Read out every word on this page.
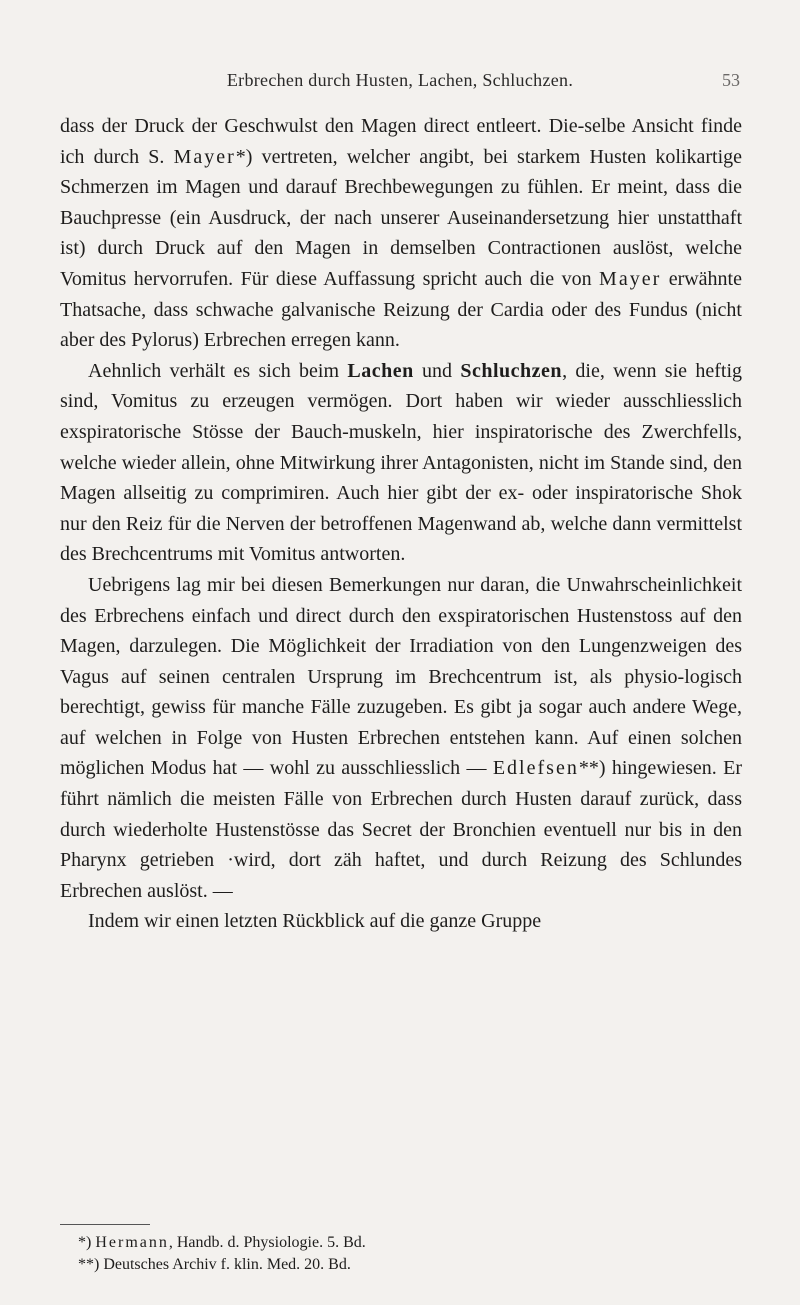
Erbrechen durch Husten, Lachen, Schluchzen.	53

dass der Druck der Geschwulst den Magen direct entleert. Die-selbe Ansicht finde ich durch S. Mayer*) vertreten, welcher angibt, bei starkem Husten kolikartige Schmerzen im Magen und darauf Brechbewegungen zu fühlen. Er meint, dass die Bauchpresse (ein Ausdruck, der nach unserer Auseinandersetzung hier unstatthaft ist) durch Druck auf den Magen in demselben Contractionen auslöst, welche Vomitus hervorrufen. Für diese Auffassung spricht auch die von Mayer erwähnte Thatsache, dass schwache galvanische Reizung der Cardia oder des Fundus (nicht aber des Pylorus) Erbrechen erregen kann.

Aehnlich verhält es sich beim Lachen und Schluchzen, die, wenn sie heftig sind, Vomitus zu erzeugen vermögen. Dort haben wir wieder ausschliesslich exspiratorische Stösse der Bauch-muskeln, hier inspiratorische des Zwerchfells, welche wieder allein, ohne Mitwirkung ihrer Antagonisten, nicht im Stande sind, den Magen allseitig zu comprimiren. Auch hier gibt der ex- oder inspiratorische Shok nur den Reiz für die Nerven der betroffenen Magenwand ab, welche dann vermittelst des Brechcentrums mit Vomitus antworten.

Uebrigens lag mir bei diesen Bemerkungen nur daran, die Unwahrscheinlichkeit des Erbrechens einfach und direct durch den exspiratorischen Hustenstoss auf den Magen, darzulegen. Die Möglichkeit der Irradiation von den Lungenzweigen des Vagus auf seinen centralen Ursprung im Brechcentrum ist, als physio-logisch berechtigt, gewiss für manche Fälle zuzugeben. Es gibt ja sogar auch andere Wege, auf welchen in Folge von Husten Erbrechen entstehen kann. Auf einen solchen möglichen Modus hat — wohl zu ausschliesslich — Edlefsen**) hingewiesen. Er führt nämlich die meisten Fälle von Erbrechen durch Husten darauf zurück, dass durch wiederholte Hustenstösse das Secret der Bronchien eventuell nur bis in den Pharynx getrieben ·wird, dort zäh haftet, und durch Reizung des Schlundes Erbrechen auslöst. —

Indem wir einen letzten Rückblick auf die ganze Gruppe

*) Hermann, Handb. d. Physiologie. 5. Bd.

**) Deutsches Archiv f. klin. Med. 20. Bd.
